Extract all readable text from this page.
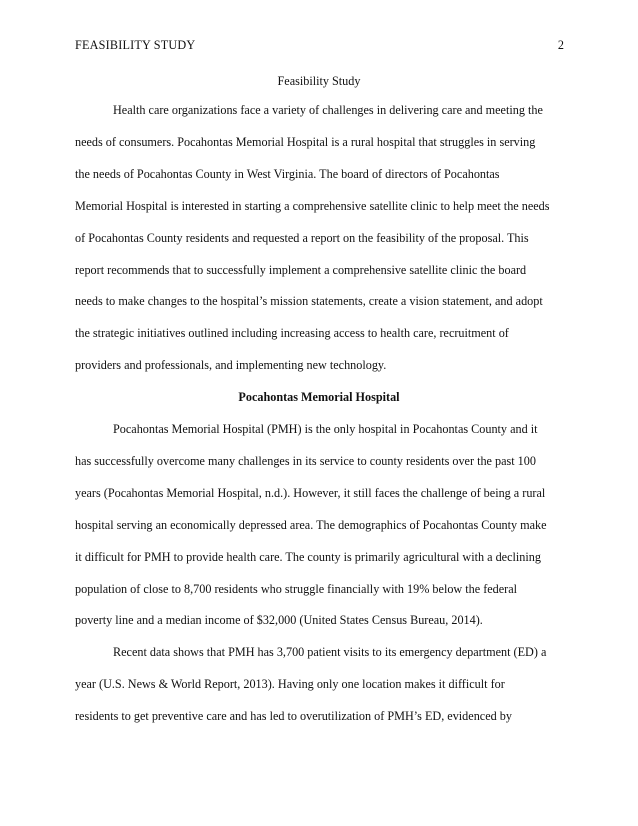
FEASIBILITY STUDY	2
Feasibility Study
Health care organizations face a variety of challenges in delivering care and meeting the
needs of consumers. Pocahontas Memorial Hospital is a rural hospital that struggles in serving
the needs of Pocahontas County in West Virginia. The board of directors of Pocahontas
Memorial Hospital is interested in starting a comprehensive satellite clinic to help meet the needs
of Pocahontas County residents and requested a report on the feasibility of the proposal. This
report recommends that to successfully implement a comprehensive satellite clinic the board
needs to make changes to the hospital’s mission statements, create a vision statement, and adopt
the strategic initiatives outlined including increasing access to health care, recruitment of
providers and professionals, and implementing new technology.
Pocahontas Memorial Hospital
Pocahontas Memorial Hospital (PMH) is the only hospital in Pocahontas County and it
has successfully overcome many challenges in its service to county residents over the past 100
years (Pocahontas Memorial Hospital, n.d.). However, it still faces the challenge of being a rural
hospital serving an economically depressed area. The demographics of Pocahontas County make
it difficult for PMH to provide health care. The county is primarily agricultural with a declining
population of close to 8,700 residents who struggle financially with 19% below the federal
poverty line and a median income of $32,000 (United States Census Bureau, 2014).
Recent data shows that PMH has 3,700 patient visits to its emergency department (ED) a
year (U.S. News & World Report, 2013). Having only one location makes it difficult for
residents to get preventive care and has led to overutilization of PMH’s ED, evidenced by
